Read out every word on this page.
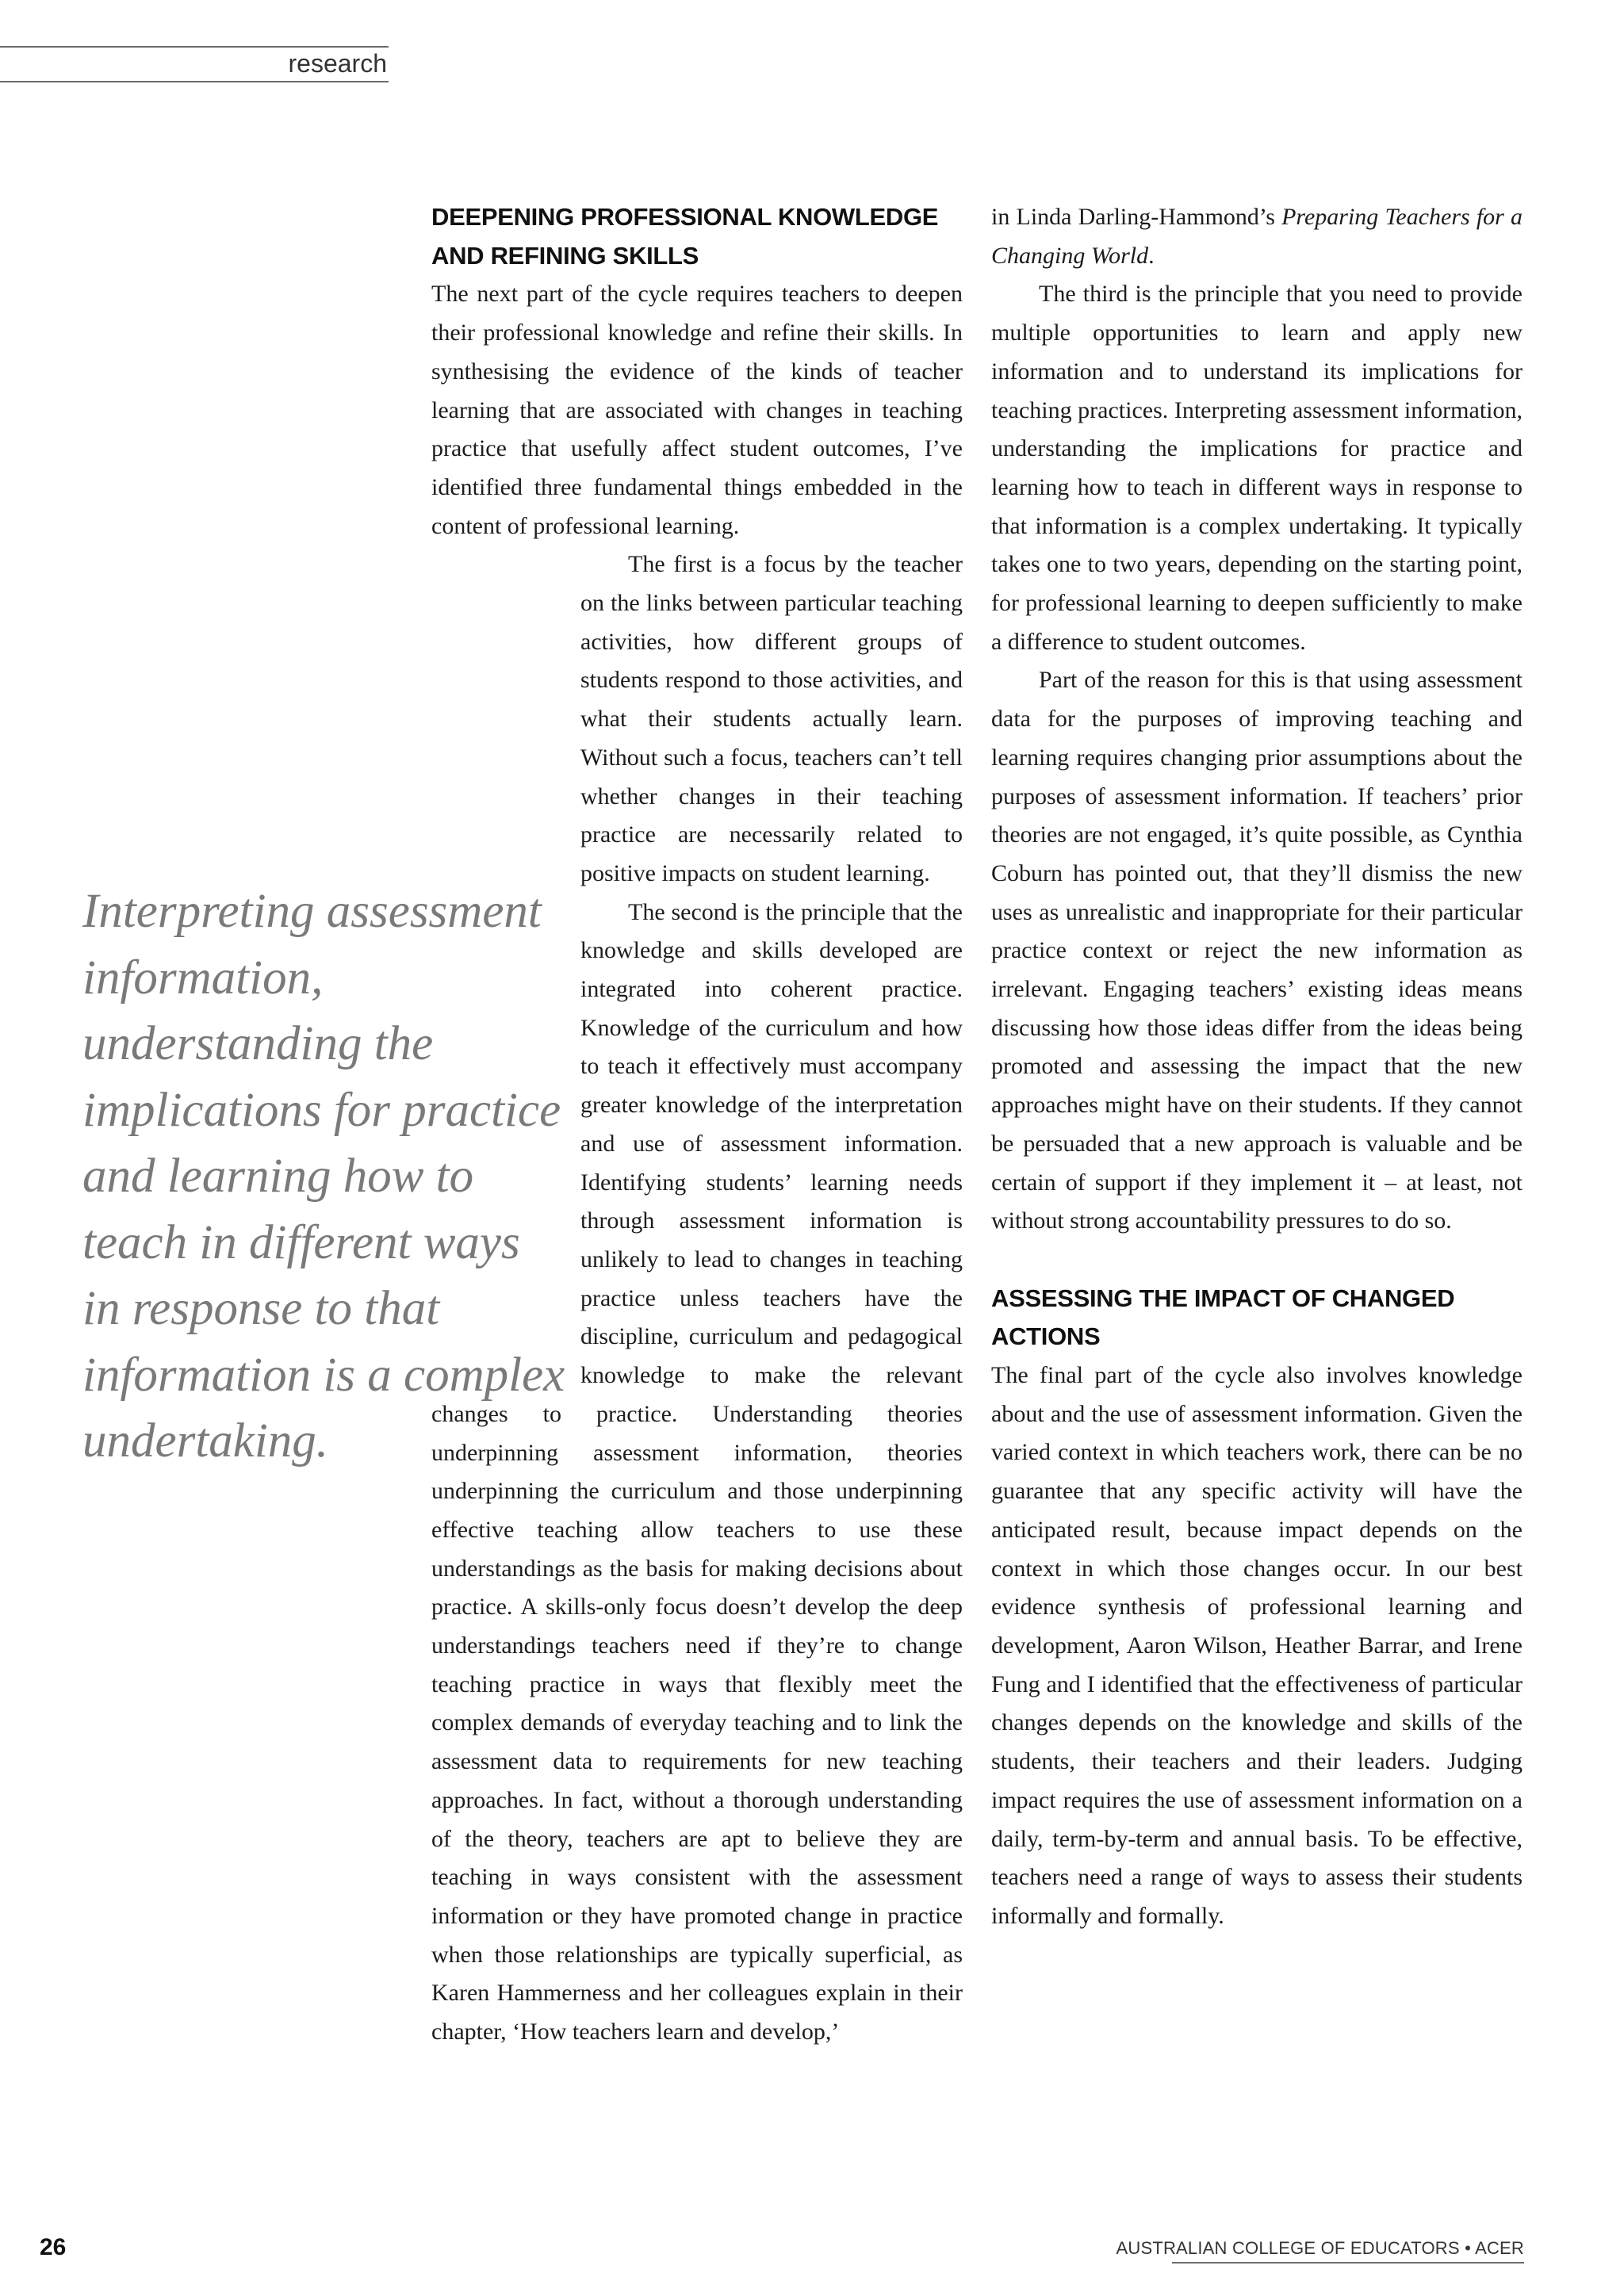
research
DEEPENING PROFESSIONAL KNOWLEDGE AND REFINING SKILLS

The next part of the cycle requires teachers to deepen their professional knowledge and refine their skills. In synthesising the evidence of the kinds of teacher learning that are associated with changes in teaching practice that usefully affect student outcomes, I’ve identified three fundamental things embedded in the content of professional learning.

The first is a focus by the teacher on the links between particular teaching activities, how different groups of students respond to those activities, and what their students actually learn. Without such a focus, teachers can’t tell whether changes in their teaching practice are necessarily related to positive impacts on student learning.

The second is the principle that the knowledge and skills developed are integrated into coherent practice. Knowledge of the curriculum and how to teach it effectively must accompany greater knowledge of the interpretation and use of assessment information. Identifying students’ learning needs through assessment information is unlikely to lead to changes in teaching practice unless teachers have the discipline, curriculum and pedagogical knowledge to make the relevant changes to practice. Understanding theories underpinning assessment information, theories underpinning the curriculum and those underpinning effective teaching allow teachers to use these understandings as the basis for making decisions about practice. A skills-only focus doesn’t develop the deep understandings teachers need if they’re to change teaching practice in ways that flexibly meet the complex demands of everyday teaching and to link the assessment data to requirements for new teaching approaches. In fact, without a thorough understanding of the theory, teachers are apt to believe they are teaching in ways consistent with the assessment information or they have promoted change in practice when those relationships are typically superficial, as Karen Hammerness and her colleagues explain in their chapter, ‘How teachers learn and develop,’

in Linda Darling-Hammond’s Preparing Teachers for a Changing World.

The third is the principle that you need to provide multiple opportunities to learn and apply new information and to understand its implications for teaching practices. Interpreting assessment information, understanding the implications for practice and learning how to teach in different ways in response to that information is a complex undertaking. It typically takes one to two years, depending on the starting point, for professional learning to deepen sufficiently to make a difference to student outcomes.

Part of the reason for this is that using assessment data for the purposes of improving teaching and learning requires changing prior assumptions about the purposes of assessment information. If teachers’ prior theories are not engaged, it’s quite possible, as Cynthia Coburn has pointed out, that they’ll dismiss the new uses as unrealistic and inappropriate for their particular practice context or reject the new information as irrelevant. Engaging teachers’ existing ideas means discussing how those ideas differ from the ideas being promoted and assessing the impact that the new approaches might have on their students. If they cannot be persuaded that a new approach is valuable and be certain of support if they implement it – at least, not without strong accountability pressures to do so.

ASSESSING THE IMPACT OF CHANGED ACTIONS

The final part of the cycle also involves knowledge about and the use of assessment information. Given the varied context in which teachers work, there can be no guarantee that any specific activity will have the anticipated result, because impact depends on the context in which those changes occur. In our best evidence synthesis of professional learning and development, Aaron Wilson, Heather Barrar, and Irene Fung and I identified that the effectiveness of particular changes depends on the knowledge and skills of the students, their teachers and their leaders. Judging impact requires the use of assessment information on a daily, term-by-term and annual basis. To be effective, teachers need a range of ways to assess their students informally and formally.

Interpreting assessment
information,
understanding the
implications for practice
and learning how to
teach in different ways
in response to that
information is a complex
undertaking.
26	AUSTRALIAN COLLEGE OF EDUCATORS • ACER
